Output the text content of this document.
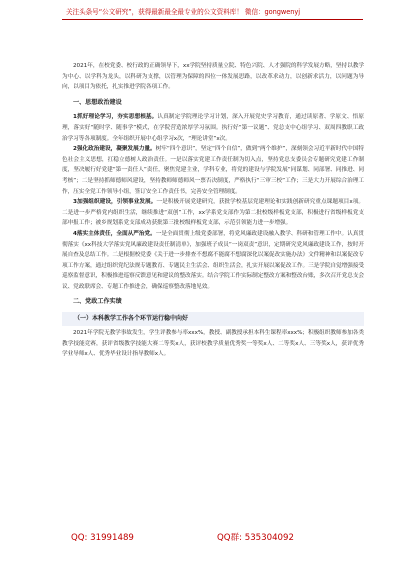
关注头条号“公文研究”，获得最新最全最专业的公文资料库！ 微信：gongwenyj

2021年，在校党委、校行政的正确领导下，xx学院坚持质量立院、特色兴院、人才强院的科学发展方略，坚持以教学为中心、以学科为龙头，以科研为支撑，以管理为保障的四位一体发展思路，以改革求动力，以创新求活力，以问题为导向，以项目为依托，扎实推进学院各项工作。

一、思想政治建设

1抓好理论学习，夯实思想根基。认真制定学院理论学习计划，深入开展党史学习教育，通过读原著、学原文、悟原理，落实好“随时学、随事学”模式，在学院营造浓厚学习氛围。执行好“第一议题”、党总支中心组学习、双周四教职工政治学习等各项制度。全年组织开展中心组学习x次，“理论讲堂”x次。

2强化政治建设，凝聚发展力量。树牢“四个意识”，坚定“四个自信”，做到“两个维护”，深刻领会习近平新时代中国特色社会主义思想，扛稳立德树人政治责任。一是以落实党建工作责任制为切入点，坚持党总支委员会专题研究党建工作制度，坚决履行好党建“第一责任人”责任，聚焦党建主业，学科专业，将党的建设与学院发展“同谋划、同部署、同推进、同考核”；二是坚持抓师德师风建设，坚持教师师德师风一票否决制度，严格执行“三审三校”工作；三是大力开展综合治理工作，压实全党工作领导小组，签订安全工作责任书，完善安全管理制度。

3加强组织建设，引领事业发展。一是积极开展党建研究，获批学校基层党建理论和实践创新研究重点课题项目x项。二是进一步严格党内组织生活，继续推进“双创”工作，xx学系党支部作为第二批校级样板党支部，积极进行省级样板党支部申报工作；被乡规划系党支部成功获批第三批校级样板党支部，示范引领能力进一步增强。

4落实主体责任，全面从严治党。一是全面贯彻上级党委部署，将党风廉政建设融入教学、科研和管理工作中。认真贯彻落实《xx科技大学落实党风廉政建设责任制清单》，加强班子成员“一岗双责”意识，定期研究党风廉政建设工作，按时开展自查及总结工作。二是根据校党委《关于进一步排查不想腐不能腐不想腐深化以案促改实施办法》文件精神和以案促改专项工作方案，通过组织党纪法规专题教育、专题民主生活会、组织生活会，扎实开展以案促改工作。三是学院自觉增强接受巡察监督意识，积极推进巡察反馈意见和建议的整改落实。结合学院工作实际制定整改方案和整改台账，多次召开党总支会议、党政联席会、专题工作推进会，确保巡察整改落地见效。

二、党政工作实绩
（一）本科教学工作各个环节运行稳中向好

2021年学院无教学事故发生，学生评教参与率xxx%，教授、副教授承担本科生课程率xxx%；积极组织教师参加各类教学技能竞赛，获评省级教学技能大赛二等奖x人，获评校教学质量优秀奖一等奖x人、二等奖x人、三等奖x人，获评优秀学业导师x人、优秀毕业设计指导教师x人。

QQ: 31991489	QQ群: 535304092
